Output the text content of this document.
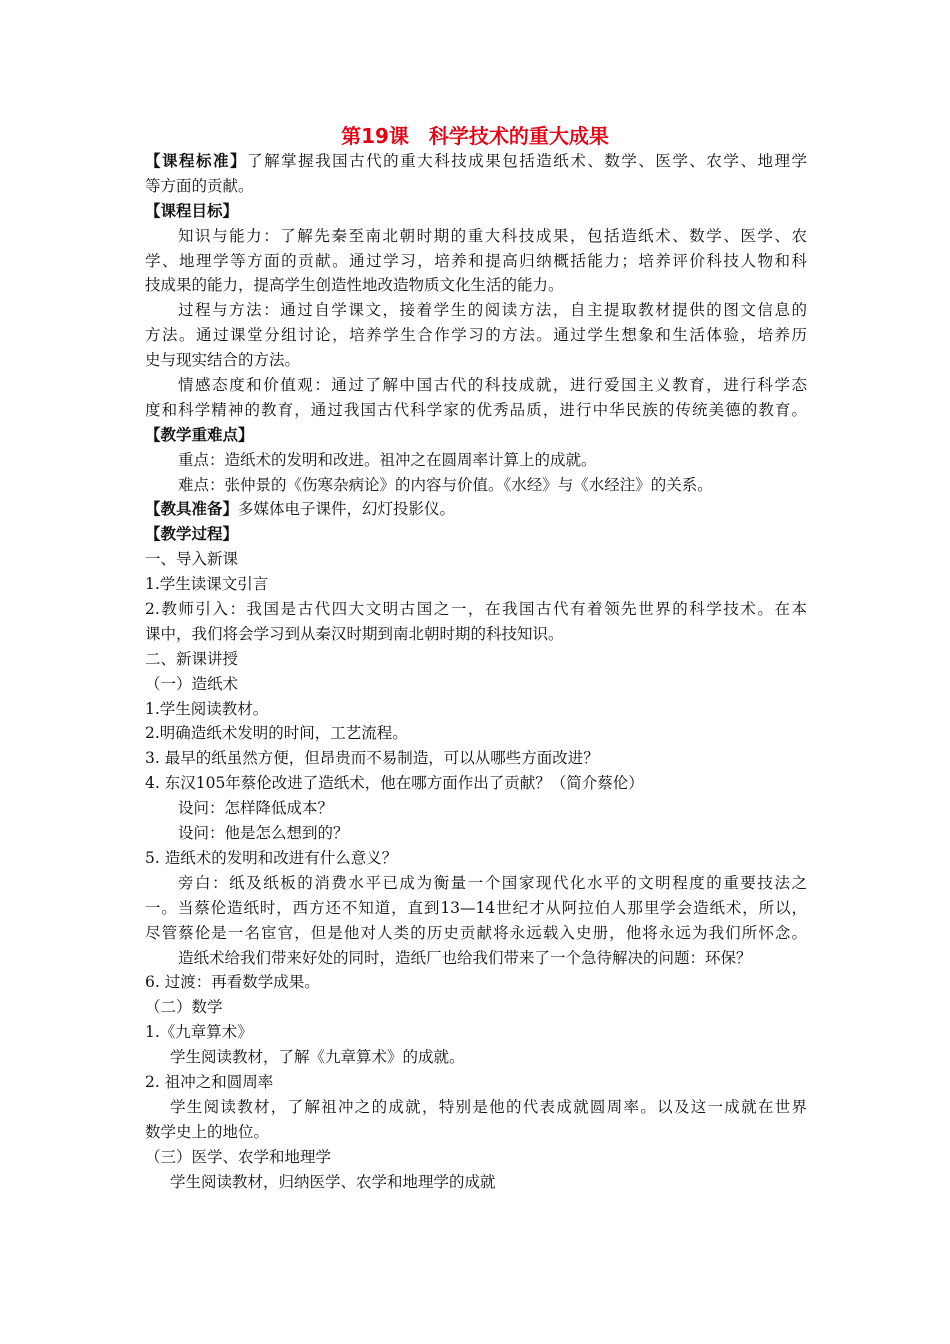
第19课　科学技术的重大成果
【课程标准】了解掌握我国古代的重大科技成果包括造纸术、数学、医学、农学、地理学
等方面的贡献。
【课程目标】
知识与能力：了解先秦至南北朝时期的重大科技成果，包括造纸术、数学、医学、农
学、地理学等方面的贡献。通过学习，培养和提高归纳概括能力；培养评价科技人物和科
技成果的能力，提高学生创造性地改造物质文化生活的能力。
过程与方法：通过自学课文，接着学生的阅读方法，自主提取教材提供的图文信息的
方法。通过课堂分组讨论，培养学生合作学习的方法。通过学生想象和生活体验，培养历
史与现实结合的方法。
情感态度和价值观：通过了解中国古代的科技成就，进行爱国主义教育，进行科学态
度和科学精神的教育，通过我国古代科学家的优秀品质，进行中华民族的传统美德的教育。
【教学重难点】
重点：造纸术的发明和改进。祖冲之在圆周率计算上的成就。
难点：张仲景的《伤寒杂病论》的内容与价值。《水经》与《水经注》的关系。
【教具准备】多媒体电子课件，幻灯投影仪。
【教学过程】
一、导入新课
1.学生读课文引言
2.教师引入：我国是古代四大文明古国之一，在我国古代有着领先世界的科学技术。在本
课中，我们将会学习到从秦汉时期到南北朝时期的科技知识。
二、新课讲授
（一）造纸术
1.学生阅读教材。
2.明确造纸术发明的时间，工艺流程。
3. 最早的纸虽然方便，但昂贵而不易制造，可以从哪些方面改进？
4. 东汉105年蔡伦改进了造纸术，他在哪方面作出了贡献？（简介蔡伦）
设问：怎样降低成本？
设问：他是怎么想到的？
5. 造纸术的发明和改进有什么意义？
旁白：纸及纸板的消费水平已成为衡量一个国家现代化水平的文明程度的重要技法之
一。当蔡伦造纸时，西方还不知道，直到13—14世纪才从阿拉伯人那里学会造纸术，所以，
尽管蔡伦是一名宦官，但是他对人类的历史贡献将永远载入史册，他将永远为我们所怀念。
造纸术给我们带来好处的同时，造纸厂也给我们带来了一个急待解决的问题：环保？
6. 过渡：再看数学成果。
（二）数学
1.《九章算术》
学生阅读教材，了解《九章算术》的成就。
2. 祖冲之和圆周率
学生阅读教材，了解祖冲之的成就，特别是他的代表成就圆周率。以及这一成就在世界
数学史上的地位。
（三）医学、农学和地理学
学生阅读教材，归纳医学、农学和地理学的成就
